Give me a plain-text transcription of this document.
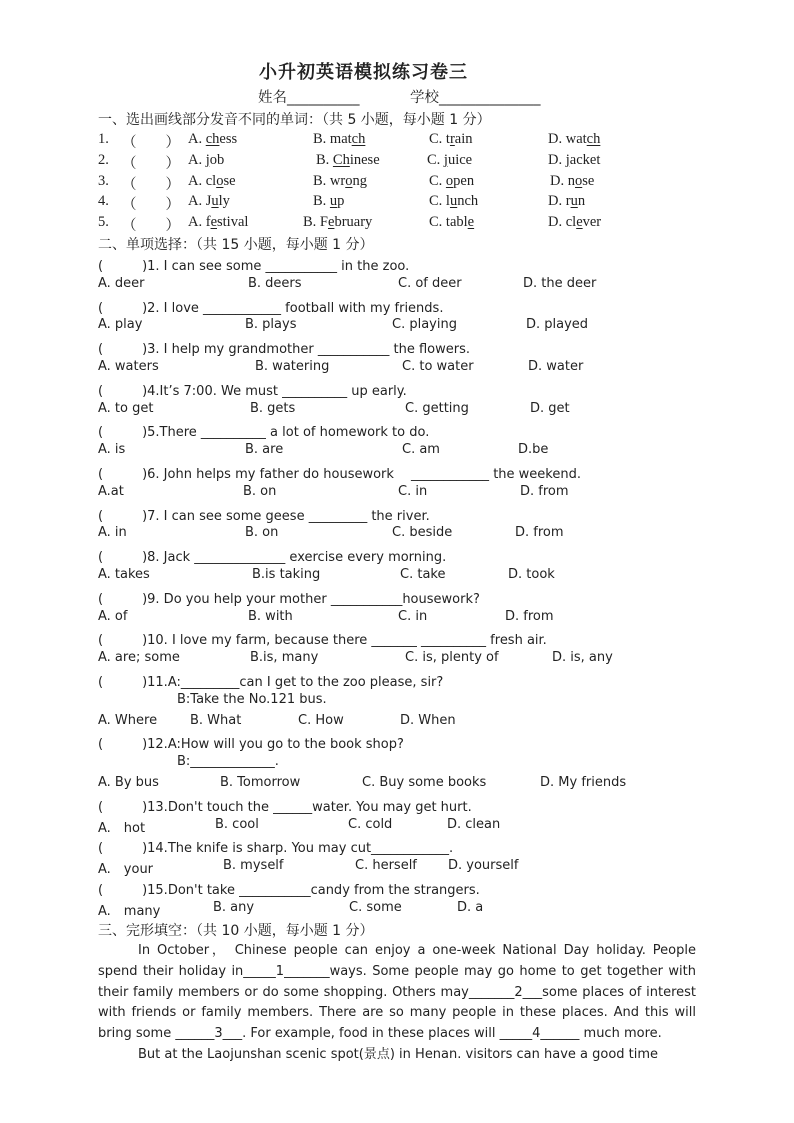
小升初英语模拟练习卷三
姓名__________	学校______________
一、选出画线部分发音不同的单词：（共 5 小题，每小题 1 分）
1. （　　） A. chess	B. match	C. train	D. watch
2. （　　） A. job	B. Chinese	C. juice	D. jacket
3. （　　） A. close	B. wrong	C. open	D. nose
4. （　　） A. July	B. up	C. lunch	D. run
5. （　　） A. festival	B. February	C. table	D. clever
二、单项选择：（共 15 小题，每小题 1 分）
(　　　)1. I can see some ___________ in the zoo.
A. deer	B. deers	C. of deer	D. the deer
(　　　)2. I love ____________ football with my friends.
A. play	B. plays	C. playing	D. played
(　　　)3. I help my grandmother ___________ the flowers.
A. waters	B. watering	C. to water	D. water
(　　　)4.It’s 7:00. We must __________ up early.
A. to get	B. gets	C. getting	D. get
(　　　)5.There __________ a lot of homework to do.
A. is	B. are	C. am	D.be
(　　　)6. John helps my father do housework　 ____________ the weekend.
A.at	B. on	C. in	D. from
(　　　)7. I can see some geese _________ the river.
A. in	B. on	C. beside	D. from
(　　　)8. Jack ______________ exercise every morning.
A. takes	B.is taking	C. take	D. took
(　　　)9. Do you help your mother ___________housework?
A. of	B. with	C. in	D. from
(　　　)10. I love my farm, because there _______ __________ fresh air.
A. are; some	B.is, many	C. is, plenty of	D. is, any
(　　　)11.A:_________can I get to the zoo please, sir?
B:Take the No.121 bus.
A. Where	B. What	C. How	D. When
(　　　)12.A:How will you go to the book shop?
B:_____________.
A. By bus	B. Tomorrow	C. Buy some books	D. My friends
(　　　)13.Don't touch the ______water. You may get hurt.
A.　hot	B. cool	C. cold	D. clean
(　　　)14.The knife is sharp. You may cut____________.
A.　your	B. myself	C. herself D. yourself
(　　　)15.Don't take ___________candy from the strangers.
A.　many	B. any	C. some	D. a
三、完形填空：（共 10 小题，每小题 1 分）

In October， Chinese people can enjoy a one-week National Day holiday. People spend their holiday in_____1_______ways. Some people may go home to get together with their family members or do some shopping. Others may_______2___some places of interest with friends or family members. There are so many people in these places. And this will bring some ______3___. For example, food in these places will _____4______ much more.

But at the Laojunshan scenic spot(景点) in Henan. visitors can have a good time
